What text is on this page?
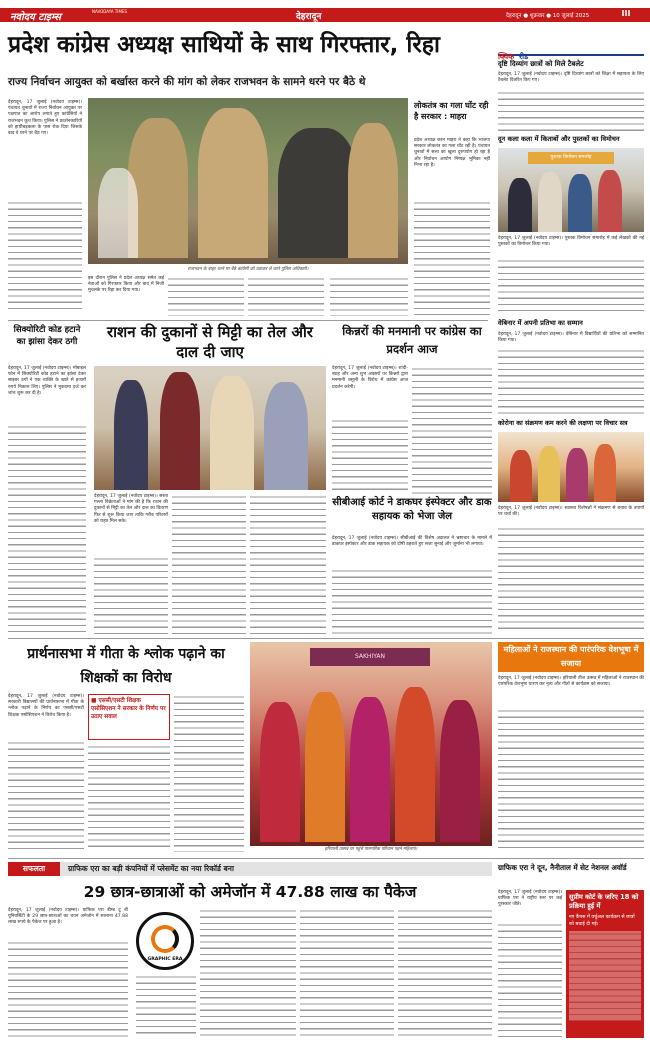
नवोदय टाइम्स
NAVODAYA TIMES
देहरादून	देहरादून ● शुक्रवार ● 10 जुलाई 2025	III
प्रदेश कांग्रेस अध्यक्ष साथियों के साथ गिरफ्तार, रिहा
राज्य निर्वाचन आयुक्त को बर्खास्त करने की मांग को लेकर राजभवन के सामने धरने पर बैठे थे
देहरादून, 17 जुलाई (नवोदय टाइम्स)। पंचायत चुनावों में राज्य निर्वाचन आयुक्त पर पक्षपात का आरोप लगाते हुए कांग्रेसियों ने राजभवन कूच किया। पुलिस ने प्रदर्शनकारियों को हाथीबड़कला के पास रोक दिया जिसके बाद वे धरने पर बैठ गए।
राजभवन के बाहर धरने पर बैठे कांग्रेसी को उठाकर ले जाते पुलिस अधिकारी।
इस दौरान पुलिस ने प्रदेश अध्यक्ष समेत कई नेताओं को गिरफ्तार किया और बाद में निजी मुचलके पर रिहा कर दिया गया।
लोकतंत्र का गला घोंट रही है सरकार : माहरा
प्रदेश अध्यक्ष करन माहरा ने कहा कि भाजपा सरकार लोकतंत्र का गला घोंट रही है। पंचायत चुनावों में सत्ता का खुला दुरुपयोग हो रहा है और निर्वाचन आयोग निष्पक्ष भूमिका नहीं निभा रहा है।
सिक्योरिटी कोड हटाने का झांसा देकर ठगी
देहरादून, 17 जुलाई (नवोदय टाइम्स)। मोबाइल फोन में सिक्योरिटी कोड हटाने का झांसा देकर साइबर ठगों ने एक व्यक्ति के खाते से हजारों रुपये निकाल लिए। पुलिस ने मुकदमा दर्ज कर जांच शुरू कर दी है।
राशन की दुकानों से मिट्टी का तेल और दाल दी जाए
देहरादून, 17 जुलाई (नवोदय टाइम्स)। सस्ता गल्ला विक्रेताओं ने मांग की है कि राशन की दुकानों से मिट्टी का तेल और दाल का वितरण फिर से शुरू किया जाए ताकि गरीब परिवारों को राहत मिल सके।
किन्नरों की मनमानी पर कांग्रेस का प्रदर्शन आज
देहरादून, 17 जुलाई (नवोदय टाइम्स)। शादी-ब्याह और अन्य शुभ अवसरों पर किन्नरों द्वारा मनमानी वसूली के विरोध में कांग्रेस आज प्रदर्शन करेगी।
सीबीआई कोर्ट ने डाकघर इंस्पेक्टर और डाक सहायक को भेजा जेल
देहरादून, 17 जुलाई (नवोदय टाइम्स)। सीबीआई की विशेष अदालत ने भ्रष्टाचार के मामले में डाकघर इंस्पेक्टर और डाक सहायक को दोषी ठहराते हुए सजा सुनाई और जुर्माना भी लगाया।
प्रार्थनासभा में गीता के श्लोक पढ़ाने का शिक्षकों का विरोध
■ एससी/एसटी शिक्षक एसोसिएशन ने सरकार के निर्णय पर उठाए सवाल
देहरादून, 17 जुलाई (नवोदय टाइम्स)। सरकारी विद्यालयों की प्रार्थनासभा में गीता के श्लोक पढ़ाने के निर्णय का एससी/एसटी शिक्षक एसोसिएशन ने विरोध किया है।
SAKHIYAN
हरियाली उत्सव पर पहुंचे पारम्परिक परिधान पहने महिलाएं।
महिलाओं ने राजस्थान की पारंपरिक वेशभूषा में सजाया
देहरादून, 17 जुलाई (नवोदय टाइम्स)। हरियाली तीज उत्सव में महिलाओं ने राजस्थान की पारंपरिक वेशभूषा धारण कर नृत्य और गीतों से कार्यक्रम को सजाया।
क्विक रीड
दृष्टि दिव्यांग छात्रों को मिले टैबलेट
देहरादून, 17 जुलाई (नवोदय टाइम्स)। दृष्टि दिव्यांग छात्रों को शिक्षा में सहायता के लिए टैबलेट वितरित किए गए।
दून कला कला में किताबों और पुस्तकों का विमोचन
पुस्तक विमोचन समारोह
देहरादून, 17 जुलाई (नवोदय टाइम्स)। पुस्तक विमोचन समारोह में कई लेखकों की नई पुस्तकों का विमोचन किया गया।
वेबिनार में अपनी प्रतिभा का सम्मान
देहरादून, 17 जुलाई (नवोदय टाइम्स)। वेबिनार में विद्यार्थियों की प्रतिभा को सम्मानित किया गया।
कोरोना का संक्रमण कम करने की लक्षणा पर विचार सत्र
देहरादून, 17 जुलाई (नवोदय टाइम्स)। स्वास्थ्य विशेषज्ञों ने संक्रमण से बचाव के उपायों पर चर्चा की।
सफलता	ग्राफिक एरा का बड़ी कंपनियों में प्लेसमेंट का नया रिकॉर्ड बना
29 छात्र-छात्राओं को अमेजॉन में 47.88 लाख का पैकेज
देहरादून, 17 जुलाई (नवोदय टाइम्स)। ग्राफिक एरा डीम्ड टू बी यूनिवर्सिटी के 29 छात्र-छात्राओं का चयन अमेजॉन में सालाना 47.88 लाख रुपये के पैकेज पर हुआ है।
GRAPHIC ERA
ग्राफिक एरा ने दून, नैनीताल में सेट नेशनल अवॉर्ड
देहरादून, 17 जुलाई (नवोदय टाइम्स)। ग्राफिक एरा ने राष्ट्रीय स्तर पर कई पुरस्कार जीते।
सुप्रीम कोर्ट के जरिए 18 को प्रक्रिया हुई में
नए कैंपस में वर्चुअल कार्यक्रम से छात्रों को बधाई दी गई।
